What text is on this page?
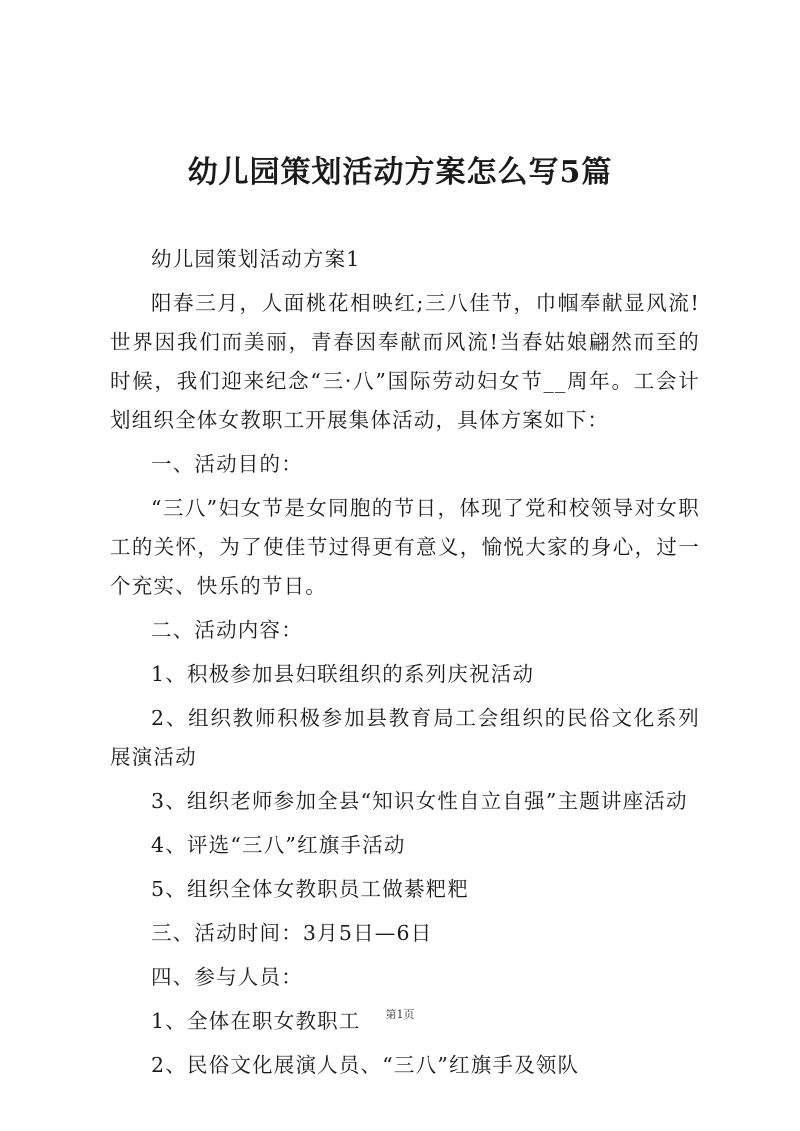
幼儿园策划活动方案怎么写5篇

幼儿园策划活动方案1

阳春三月，人面桃花相映红;三八佳节，巾帼奉献显风流!世界因我们而美丽，青春因奉献而风流!当春姑娘翩然而至的时候，我们迎来纪念“三·八”国际劳动妇女节__周年。工会计划组织全体女教职工开展集体活动，具体方案如下：

一、活动目的：

“三八”妇女节是女同胞的节日，体现了党和校领导对女职工的关怀，为了使佳节过得更有意义，愉悦大家的身心，过一个充实、快乐的节日。

二、活动内容：

1、积极参加县妇联组织的系列庆祝活动

2、组织教师积极参加县教育局工会组织的民俗文化系列展演活动

3、组织老师参加全县“知识女性自立自强”主题讲座活动

4、评选“三八”红旗手活动

5、组织全体女教职员工做綦粑粑

三、活动时间：3月5日—6日

四、参与人员：

1、全体在职女教职工

2、民俗文化展演人员、“三八”红旗手及领队

第1页
